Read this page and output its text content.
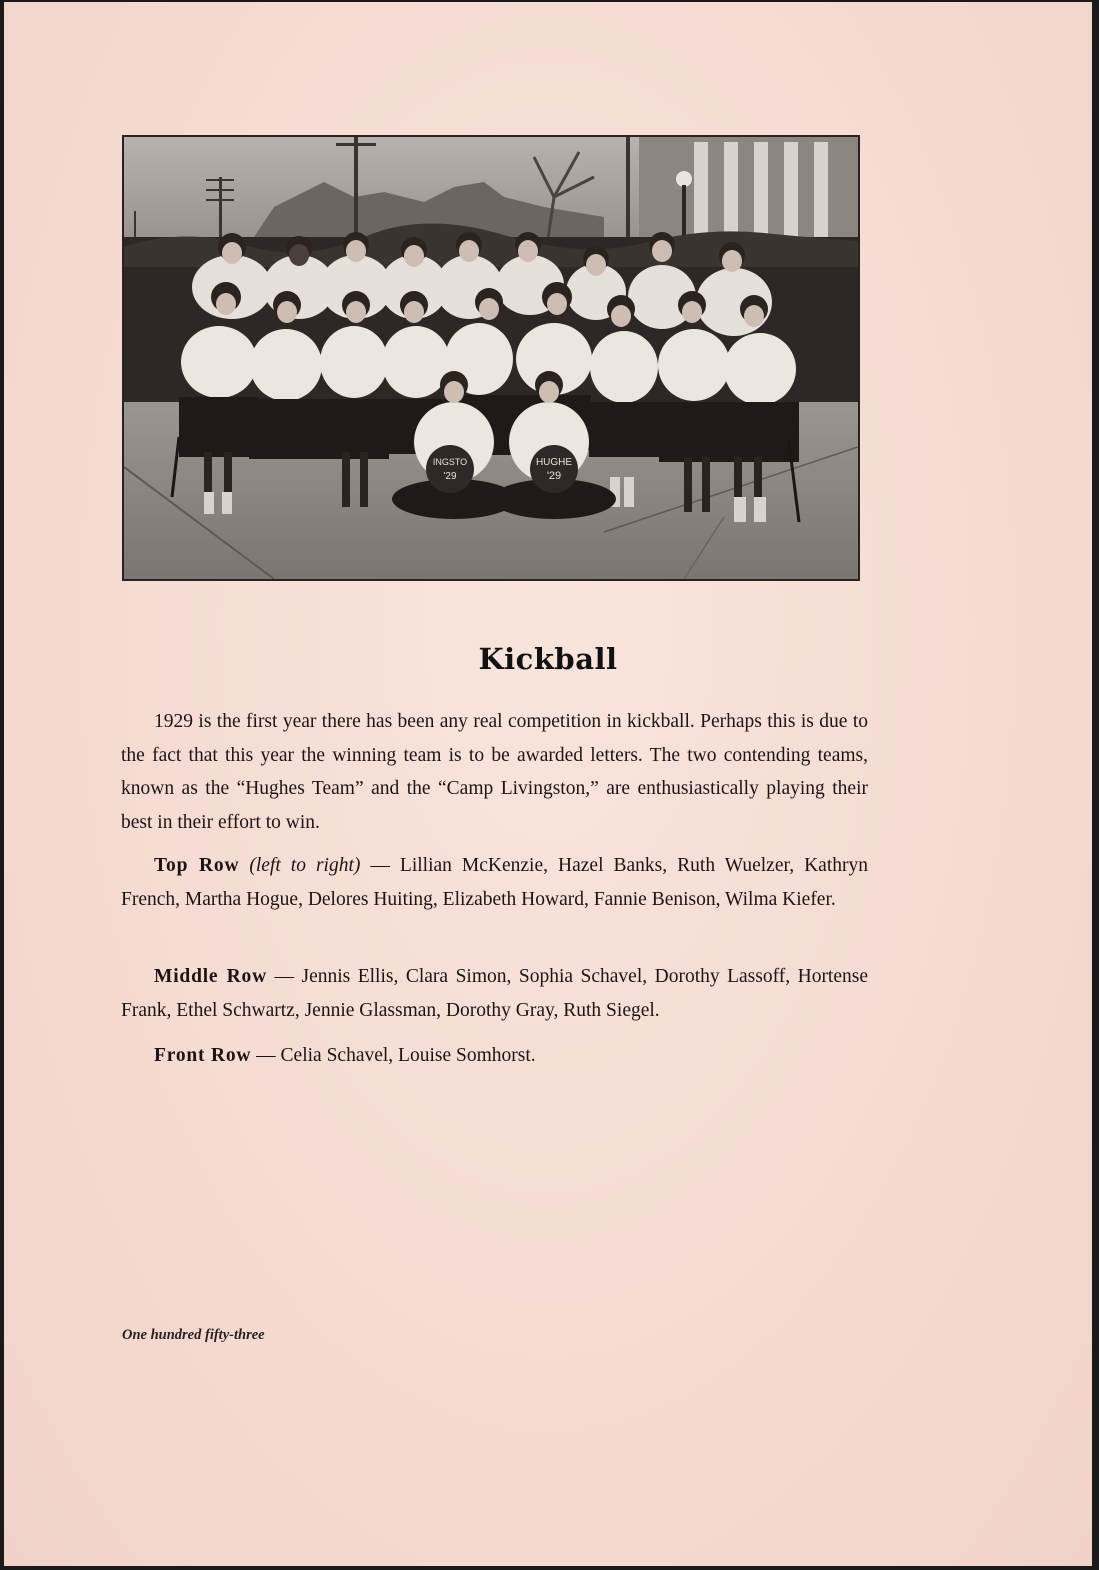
INGSTO
'29
HUGHE
'29
Kickball

1929 is the first year there has been any real competition in kickball. Perhaps this is due to the fact that this year the winning team is to be awarded letters. The two contending teams, known as the “Hughes Team” and the “Camp Livingston,” are enthusiastically playing their best in their effort to win.

Top Row (left to right) — Lillian McKenzie, Hazel Banks, Ruth Wuelzer, Kathryn French, Martha Hogue, Delores Huiting, Elizabeth Howard, Fannie Benison, Wilma Kiefer.

Middle Row — Jennis Ellis, Clara Simon, Sophia Schavel, Dorothy Lassoff, Hortense Frank, Ethel Schwartz, Jennie Glassman, Dorothy Gray, Ruth Siegel.

Front Row — Celia Schavel, Louise Somhorst.

One hundred fifty-three
